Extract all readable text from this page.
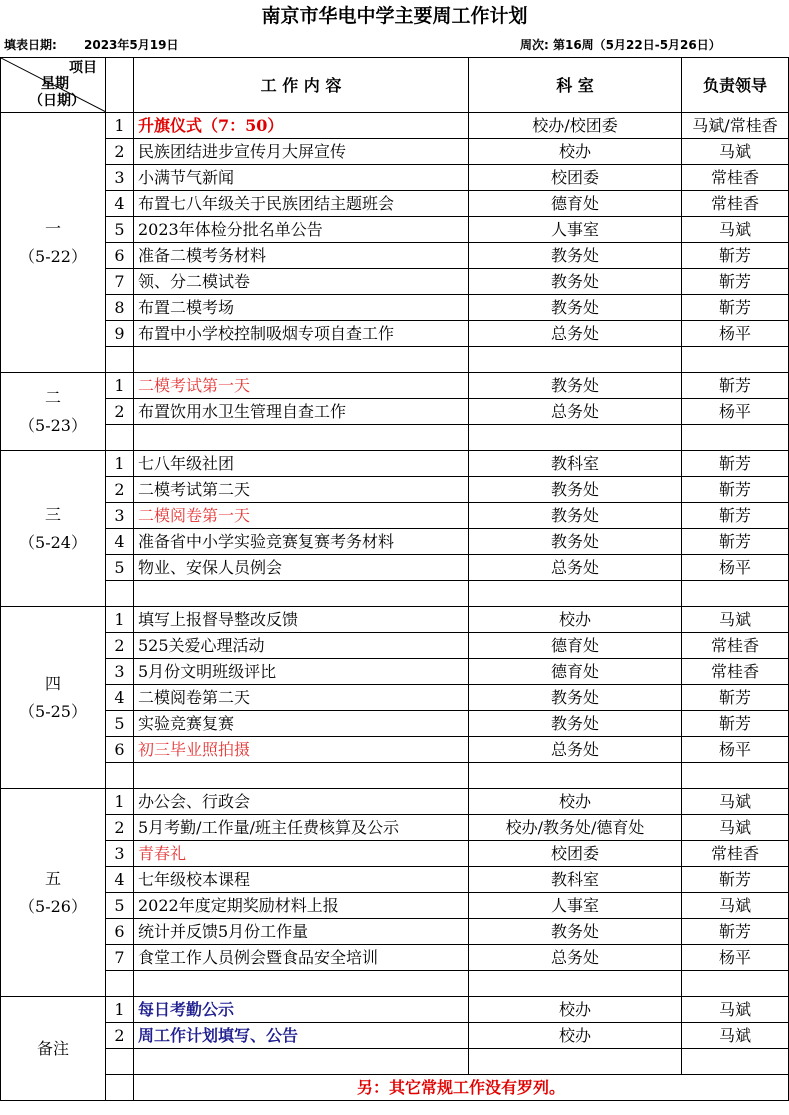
南京市华电中学主要周工作计划
填表日期: 2023年5月19日	周次: 第16周（5月22日-5月26日）
项目
星期
（日期）		工 作 内 容	科 室	负责领导

一
（5-22）	1	升旗仪式（7：50）	校办/校团委	马斌/常桂香
	2	民族团结进步宣传月大屏宣传	校办	马斌
	3	小满节气新闻	校团委	常桂香
	4	布置七八年级关于民族团结主题班会	德育处	常桂香
	5	2023年体检分批名单公告	人事室	马斌
	6	准备二模考务材料	教务处	靳芳
	7	领、分二模试卷	教务处	靳芳
	8	布置二模考场	教务处	靳芳
	9	布置中小学校控制吸烟专项自查工作	总务处	杨平

二
（5-23）	1	二模考试第一天	教务处	靳芳
	2	布置饮用水卫生管理自查工作	总务处	杨平

三
（5-24）	1	七八年级社团	教科室	靳芳
	2	二模考试第二天	教务处	靳芳
	3	二模阅卷第一天	教务处	靳芳
	4	准备省中小学实验竞赛复赛考务材料	教务处	靳芳
	5	物业、安保人员例会	总务处	杨平

四
（5-25）	1	填写上报督导整改反馈	校办	马斌
	2	525关爱心理活动	德育处	常桂香
	3	5月份文明班级评比	德育处	常桂香
	4	二模阅卷第二天	教务处	靳芳
	5	实验竞赛复赛	教务处	靳芳
	6	初三毕业照拍摄	总务处	杨平

五
（5-26）	1	办公会、行政会	校办	马斌
	2	5月考勤/工作量/班主任费核算及公示	校办/教务处/德育处	马斌
	3	青春礼	校团委	常桂香
	4	七年级校本课程	教科室	靳芳
	5	2022年度定期奖励材料上报	人事室	马斌
	6	统计并反馈5月份工作量	教务处	靳芳
	7	食堂工作人员例会暨食品安全培训	总务处	杨平

备注	1	每日考勤公示	校办	马斌
	2	周工作计划填写、公告	校办	马斌

		另：其它常规工作没有罗列。		
